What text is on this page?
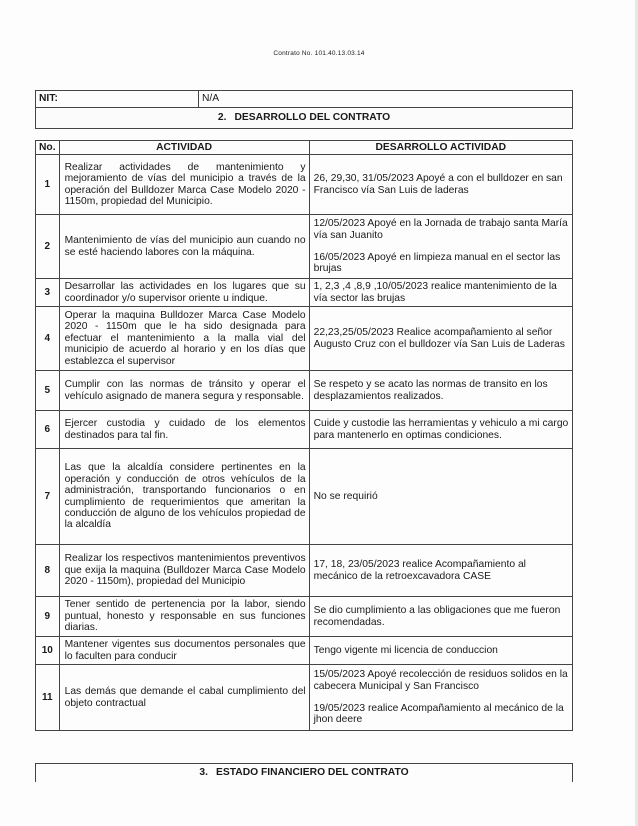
Contrato No. 101.40.13.03.14
NIT:	N/A
2. DESARROLLO DEL CONTRATO
No.	ACTIVIDAD	DESARROLLO ACTIVIDAD
1	Realizar actividades de mantenimiento y mejoramiento de vías del municipio a través de la operación del Bulldozer Marca Case Modelo 2020 - 1150m, propiedad del Municipio.	26, 29,30, 31/05/2023 Apoyé a con el bulldozer en san Francisco vía San Luis de laderas

2	Mantenimiento de vías del municipio aun cuando no se esté haciendo labores con la máquina.	12/05/2023 Apoyé en la Jornada de trabajo santa María vía san Juanito

16/05/2023 Apoyé en limpieza manual en el sector las brujas

3	Desarrollar las actividades en los lugares que su coordinador y/o supervisor oriente u indique.	1, 2,3 ,4 ,8,9 ,10/05/2023 realice mantenimiento de la vía sector las brujas

4	Operar la maquina Bulldozer Marca Case Modelo 2020 - 1150m que le ha sido designada para efectuar el mantenimiento a la malla vial del municipio de acuerdo al horario y en los días que establezca el supervisor	22,23,25/05/2023 Realice acompañamiento al señor Augusto Cruz con el bulldozer vía San Luis de Laderas

5	Cumplir con las normas de tránsito y operar el vehículo asignado de manera segura y responsable.	Se respeto y se acato las normas de transito en los desplazamientos realizados.

6	Ejercer custodia y cuidado de los elementos destinados para tal fin.	Cuide y custodie las herramientas y vehiculo a mi cargo para mantenerlo en optimas condiciones.

7	Las que la alcaldía considere pertinentes en la operación y conducción de otros vehículos de la administración, transportando funcionarios o en cumplimiento de requerimientos que ameritan la conducción de alguno de los vehículos propiedad de la alcaldía	No se requirió

8	Realizar los respectivos mantenimientos preventivos que exija la maquina (Bulldozer Marca Case Modelo 2020 - 1150m), propiedad del Municipio	17, 18, 23/05/2023 realice Acompañamiento al mecánico de la retroexcavadora CASE

9	Tener sentido de pertenencia por la labor, siendo puntual, honesto y responsable en sus funciones diarias.	Se dio cumplimiento a las obligaciones que me fueron recomendadas.

10	Mantener vigentes sus documentos personales que lo faculten para conducir	Tengo vigente mi licencia de conduccion

11	Las demás que demande el cabal cumplimiento del objeto contractual	15/05/2023 Apoyé recolección de residuos solidos en la cabecera Municipal y San Francisco

19/05/2023 realice Acompañamiento al mecánico de la jhon deere

3. ESTADO FINANCIERO DEL CONTRATO
